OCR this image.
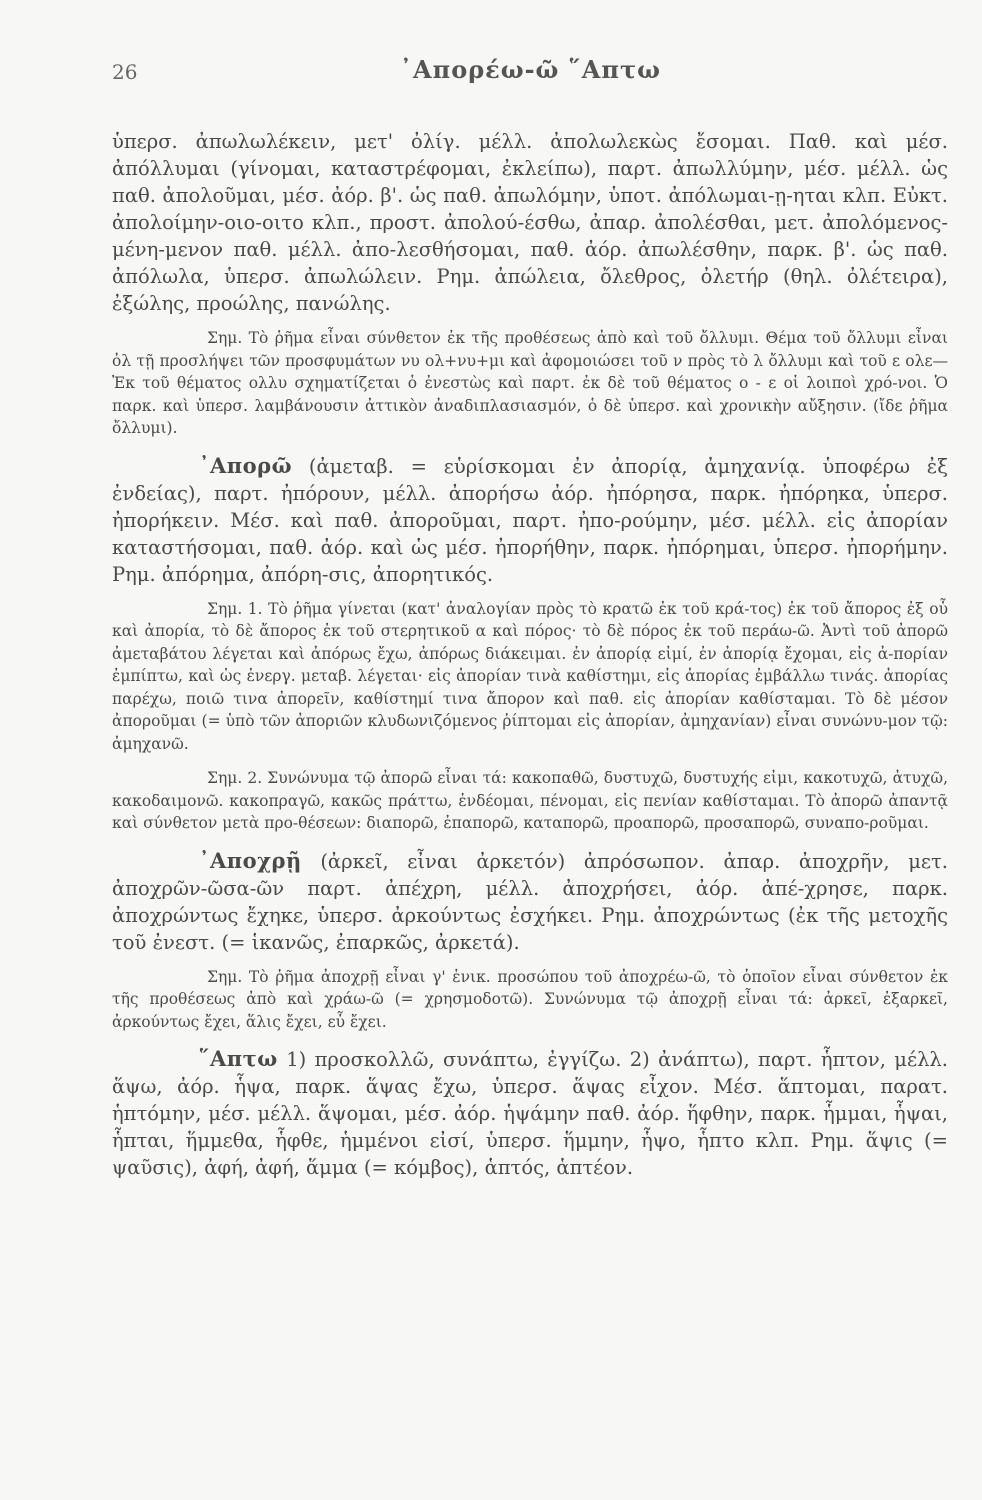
26	᾿Απορέω-ῶ ῞Απτω

ὑπερσ. ἀπωλωλέκειν, μετ' ὀλίγ. μέλλ. ἀπολωλεκὼς ἔσομαι. Παθ. καὶ μέσ. ἀπόλλυμαι (γίνομαι, καταστρέφομαι, ἐκλείπω), παρτ. ἀπωλλύμην, μέσ. μέλλ. ὡς παθ. ἀπολοῦμαι, μέσ. ἀόρ. β'. ὡς παθ. ἀπωλόμην, ὑποτ. ἀπόλωμαι-ῃ-ηται κλπ. Εὐκτ. ἀπολοίμην-οιο-οιτο κλπ., προστ. ἀπολού-έσθω, ἀπαρ. ἀπολέσθαι, μετ. ἀπολόμενος-μένη-μενον παθ. μέλλ. ἀπο-λεσθήσομαι, παθ. ἀόρ. ἀπωλέσθην, παρκ. β'. ὡς παθ. ἀπόλωλα, ὑπερσ. ἀπωλώλειν. Ρημ. ἀπώλεια, ὄλεθρος, ὀλετήρ (θηλ. ὀλέτειρα), ἐξώλης, προώλης, πανώλης.

Σημ. Τὸ ῥῆμα εἶναι σύνθετον ἐκ τῆς προθέσεως ἀπὸ καὶ τοῦ ὄλλυμι. Θέμα τοῦ ὄλλυμι εἶναι ὀλ τῇ προσλήψει τῶν προσφυμάτων νυ ολ+νυ+μι καὶ ἀφομοιώσει τοῦ ν πρὸς τὸ λ ὄλλυμι καὶ τοῦ ε ολε— Ἐκ τοῦ θέματος ολλυ σχηματίζεται ὁ ἐνεστὼς καὶ παρτ. ἐκ δὲ τοῦ θέματος ο - ε οἱ λοιποὶ χρό-νοι. Ὁ παρκ. καὶ ὑπερσ. λαμβάνουσιν ἀττικὸν ἀναδιπλασιασμόν, ὁ δὲ ὑπερσ. καὶ χρονικὴν αὔξησιν. (ἴδε ῥῆμα ὄλλυμι).

᾿Απορῶ (ἀμεταβ. = εὑρίσκομαι ἐν ἀπορίᾳ, ἀμηχανίᾳ. ὑποφέρω ἐξ ἐνδείας), παρτ. ἠπόρουν, μέλλ. ἀπορήσω ἀόρ. ἠπόρησα, παρκ. ἠπόρηκα, ὑπερσ. ἠπορήκειν. Μέσ. καὶ παθ. ἀποροῦμαι, παρτ. ἠπο-ρούμην, μέσ. μέλλ. εἰς ἀπορίαν καταστήσομαι, παθ. ἀόρ. καὶ ὡς μέσ. ἠπορήθην, παρκ. ἠπόρημαι, ὑπερσ. ἠπορήμην. Ρημ. ἀπόρημα, ἀπόρη-σις, ἀπορητικός.

Σημ. 1. Τὸ ῥῆμα γίνεται (κατ' ἀναλογίαν πρὸς τὸ κρατῶ ἐκ τοῦ κρά-τος) ἐκ τοῦ ἄπορος ἐξ οὗ καὶ ἀπορία, τὸ δὲ ἄπορος ἐκ τοῦ στερητικοῦ α καὶ πόρος· τὸ δὲ πόρος ἐκ τοῦ περάω-ῶ. Ἀντὶ τοῦ ἀπορῶ ἀμεταβάτου λέγεται καὶ ἀπόρως ἔχω, ἀπόρως διάκειμαι. ἐν ἀπορίᾳ εἰμί, ἐν ἀπορίᾳ ἔχομαι, εἰς ἀ-πορίαν ἐμπίπτω, καὶ ὡς ἐνεργ. μεταβ. λέγεται· εἰς ἀπορίαν τινὰ καθίστημι, εἰς ἀπορίας ἐμβάλλω τινάς. ἀπορίας παρέχω, ποιῶ τινα ἀπορεῖν, καθίστημί τινα ἄπορον καὶ παθ. εἰς ἀπορίαν καθίσταμαι. Τὸ δὲ μέσον ἀποροῦμαι (= ὑπὸ τῶν ἀποριῶν κλυδωνιζόμενος ῥίπτομαι εἰς ἀπορίαν, ἀμηχανίαν) εἶναι συνώνυ-μον τῷ: ἀμηχανῶ.

Σημ. 2. Συνώνυμα τῷ ἀπορῶ εἶναι τά: κακοπαθῶ, δυστυχῶ, δυστυχής εἰμι, κακοτυχῶ, ἀτυχῶ, κακοδαιμονῶ. κακοπραγῶ, κακῶς πράττω, ἐνδέομαι, πένομαι, εἰς πενίαν καθίσταμαι. Τὸ ἀπορῶ ἀπαντᾷ καὶ σύνθετον μετὰ προ-θέσεων: διαπορῶ, ἐπαπορῶ, καταπορῶ, προαπορῶ, προσαπορῶ, συναπο-ροῦμαι.

᾿Αποχρῇ (ἀρκεῖ, εἶναι ἀρκετόν) ἀπρόσωπον. ἀπαρ. ἀποχρῆν, μετ. ἀποχρῶν-ῶσα-ῶν παρτ. ἀπέχρη, μέλλ. ἀποχρήσει, ἀόρ. ἀπέ-χρησε, παρκ. ἀποχρώντως ἔχηκε, ὑπερσ. ἀρκούντως ἐσχήκει. Ρημ. ἀποχρώντως (ἐκ τῆς μετοχῆς τοῦ ἐνεστ. (= ἱκανῶς, ἐπαρκῶς, ἀρκετά).

Σημ. Τὸ ῥῆμα ἀποχρῇ εἶναι γ' ἑνικ. προσώπου τοῦ ἀποχρέω-ῶ, τὸ ὁποῖον εἶναι σύνθετον ἐκ τῆς προθέσεως ἀπὸ καὶ χράω-ῶ (= χρησμοδοτῶ). Συνώνυμα τῷ ἀποχρῇ εἶναι τά: ἀρκεῖ, ἐξαρκεῖ, ἀρκούντως ἔχει, ἅλις ἔχει, εὖ ἔχει.

῞Απτω 1) προσκολλῶ, συνάπτω, ἐγγίζω. 2) ἀνάπτω), παρτ. ἧπτον, μέλλ. ἅψω, ἀόρ. ἧψα, παρκ. ἅψας ἔχω, ὑπερσ. ἅψας εἶχον. Μέσ. ἅπτομαι, παρατ. ἡπτόμην, μέσ. μέλλ. ἅψομαι, μέσ. ἀόρ. ἡψάμην παθ. ἀόρ. ἥφθην, παρκ. ἧμμαι, ἧψαι, ἧπται, ἥμμεθα, ἧφθε, ἡμμένοι εἰσί, ὑπερσ. ἥμμην, ἧψο, ἧπτο κλπ. Ρημ. ἅψις (= ψαῦσις), ἀφή, ἀφή, ἅμμα (= κόμβος), ἁπτός, ἁπτέον.
